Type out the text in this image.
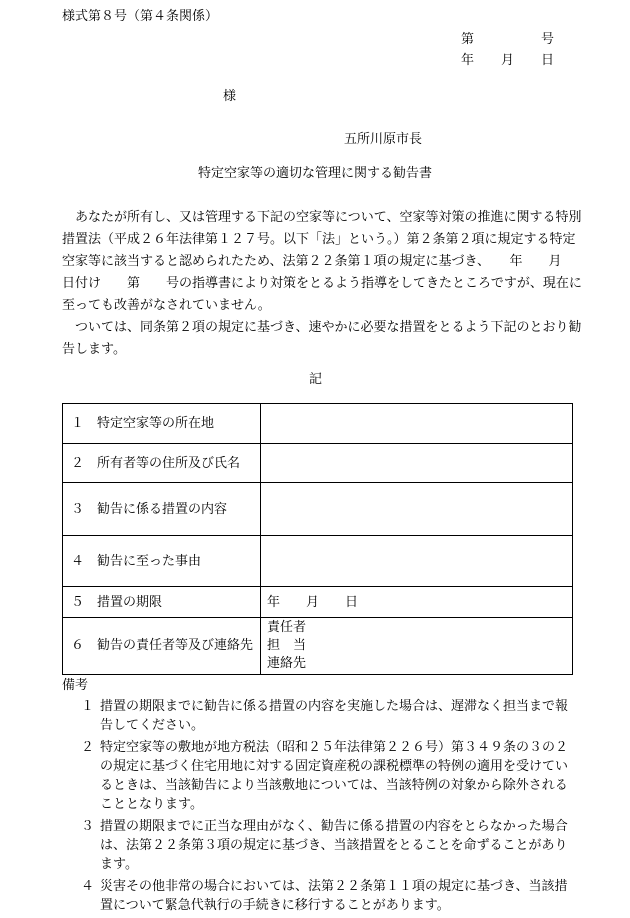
様式第８号（第４条関係）
第	号
年 月 日
様
五所川原市長
特定空家等の適切な管理に関する勧告書

　あなたが所有し、又は管理する下記の空家等について、空家等対策の推進に関する特別措置法（平成２６年法律第１２７号。以下「法」という。）第２条第２項に規定する特定空家等に該当すると認められたため、法第２２条第１項の規定に基づき、　　年　　月　　日付け　　第　　号の指導書により対策をとるよう指導をしてきたところですが、現在に至っても改善がなされていません。

　ついては、同条第２項の規定に基づき、速やかに必要な措置をとるよう下記のとおり勧告します。

記
１　特定空家等の所在地	
２　所有者等の住所及び氏名	
３　勧告に係る措置の内容	
４　勧告に至った事由	
５　措置の期限	年　　月　　日
６　勧告の責任者等及び連絡先	責任者
担　当
連絡先
備考
１ 措置の期限までに勧告に係る措置の内容を実施した場合は、遅滞なく担当まで報告してください。
２ 特定空家等の敷地が地方税法（昭和２５年法律第２２６号）第３４９条の３の２の規定に基づく住宅用地に対する固定資産税の課税標準の特例の適用を受けているときは、当該勧告により当該敷地については、当該特例の対象から除外されることとなります。
３ 措置の期限までに正当な理由がなく、勧告に係る措置の内容をとらなかった場合は、法第２２条第３項の規定に基づき、当該措置をとることを命ずることがあります。
４ 災害その他非常の場合においては、法第２２条第１１項の規定に基づき、当該措置について緊急代執行の手続きに移行することがあります。
